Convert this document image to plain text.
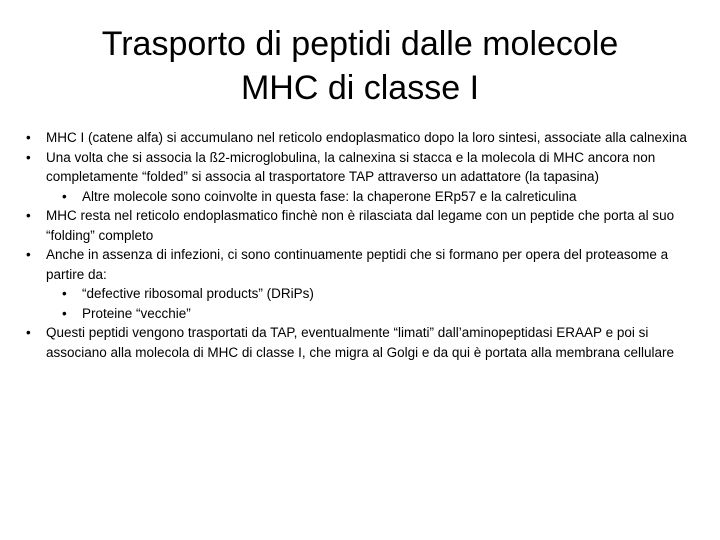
Trasporto di peptidi dalle molecole
MHC di classe I
• MHC I (catene alfa) si accumulano nel reticolo endoplasmatico dopo la loro sintesi, associate alla calnexina
• Una volta che si associa la ß2-microglobulina, la calnexina si stacca e la molecola di MHC ancora non completamente “folded” si associa al trasportatore TAP attraverso un adattatore (la tapasina)
• Altre molecole sono coinvolte in questa fase: la chaperone ERp57 e la calreticulina
• MHC resta nel reticolo endoplasmatico finchè non è rilasciata dal legame con un peptide che porta al suo “folding” completo
• Anche in assenza di infezioni, ci sono continuamente peptidi che si formano per opera del proteasome a partire da:
• “defective ribosomal products” (DRiPs)
• Proteine “vecchie”
• Questi peptidi vengono trasportati da TAP, eventualmente “limati” dall’aminopeptidasi ERAAP e poi si associano alla molecola di MHC di classe I, che migra al Golgi e da qui è portata alla membrana cellulare
